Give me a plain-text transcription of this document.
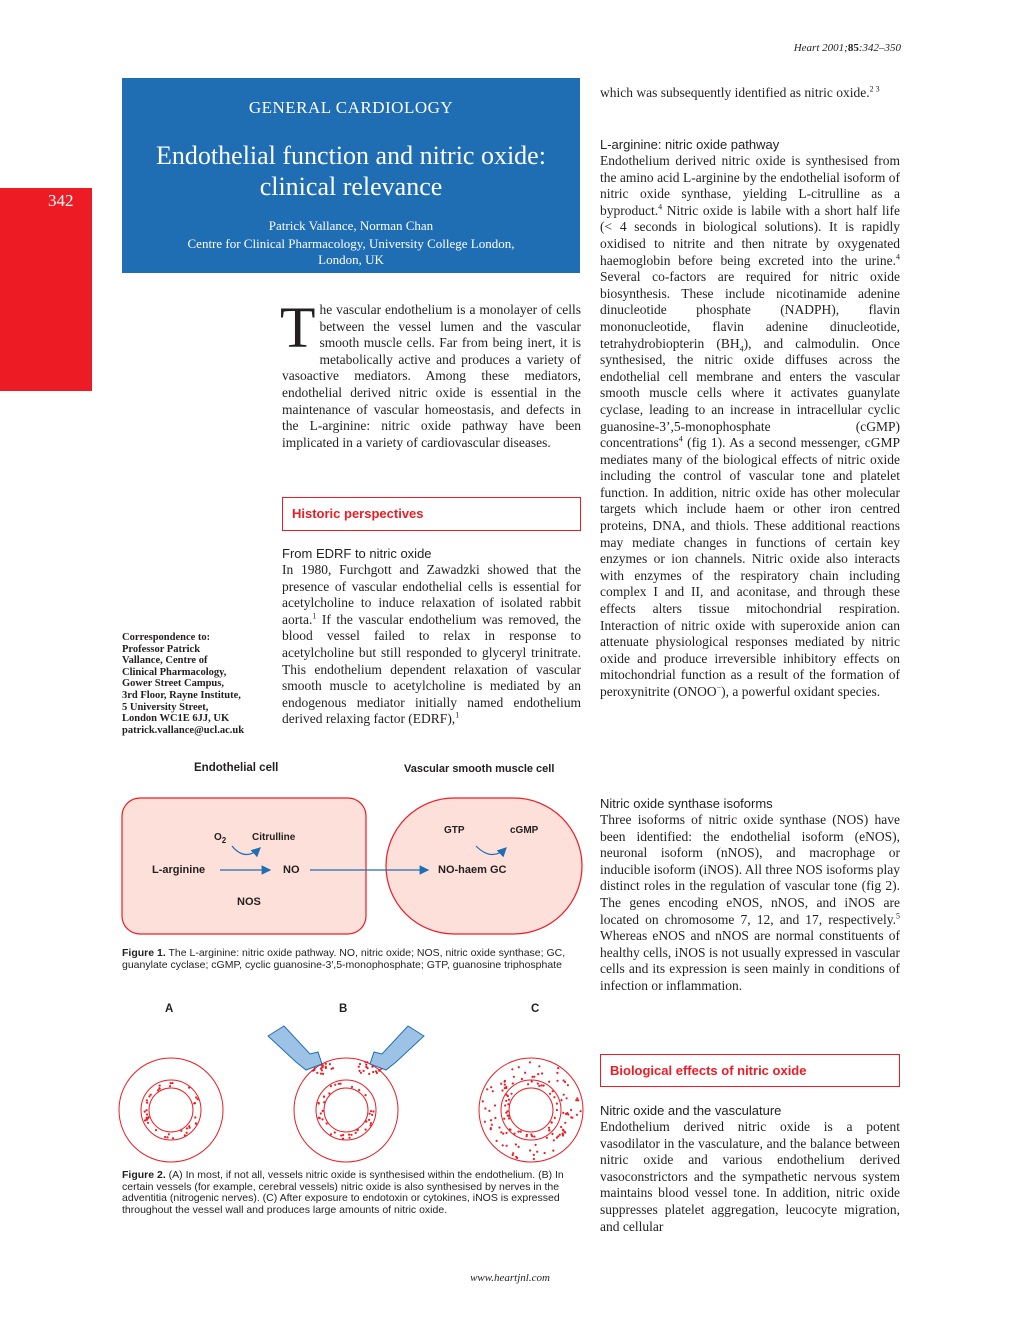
Heart 2001;85:342–350
342
GENERAL CARDIOLOGY
Endothelial function and nitric oxide:
clinical relevance
Patrick Vallance, Norman Chan
Centre for Clinical Pharmacology, University College London,
London, UK
The vascular endothelium is a monolayer of cells between the vessel lumen and the vascular smooth muscle cells. Far from being inert, it is metabolically active and produces a variety of vasoactive mediators. Among these mediators, endothelial derived nitric oxide is essential in the maintenance of vascular homeostasis, and defects in the L-arginine: nitric oxide pathway have been implicated in a variety of cardiovascular diseases.
Historic perspectives
From EDRF to nitric oxide
In 1980, Furchgott and Zawadzki showed that the presence of vascular endothelial cells is essential for acetylcholine to induce relaxation of isolated rabbit aorta.$^1$ If the vascular endothelium was removed, the blood vessel failed to relax in response to acetylcholine but still responded to glyceryl trinitrate. This endothelium dependent relaxation of vascular smooth muscle to acetylcholine is mediated by an endogenous mediator initially named endothelium derived relaxing factor (EDRF),$^1$
Correspondence to:
Professor Patrick
Vallance, Centre of
Clinical Pharmacology,
Gower Street Campus,
3rd Floor, Rayne Institute,
5 University Street,
London WC1E 6JJ, UK
patrick.vallance@ucl.ac.uk
Endothelial cell	Vascular smooth muscle cell
$O_2$	Citrulline
L-arginine	NO
NOS
GTP	cGMP
NO-haem GC
Figure 1. The L-arginine: nitric oxide pathway. NO, nitric oxide; NOS, nitric oxide synthase; GC, guanylate cyclase; cGMP, cyclic guanosine-3′,5-monophosphate; GTP, guanosine triphosphate
A	B	C
Figure 2. (A) In most, if not all, vessels nitric oxide is synthesised within the endothelium. (B) In certain vessels (for example, cerebral vessels) nitric oxide is also synthesised by nerves in the adventitia (nitrogenic nerves). (C) After exposure to endotoxin or cytokines, iNOS is expressed throughout the vessel wall and produces large amounts of nitric oxide.
which was subsequently identified as nitric oxide.$^{2 3}$
L-arginine: nitric oxide pathway
Endothelium derived nitric oxide is synthesised from the amino acid L-arginine by the endothelial isoform of nitric oxide synthase, yielding L-citrulline as a byproduct.$^4$ Nitric oxide is labile with a short half life (< 4 seconds in biological solutions). It is rapidly oxidised to nitrite and then nitrate by oxygenated haemoglobin before being excreted into the urine.$^4$ Several co-factors are required for nitric oxide biosynthesis. These include nicotinamide adenine dinucleotide phosphate (NADPH), flavin mononucleotide, flavin adenine dinucleotide, tetrahydrobiopterin $(BH_4)$, and calmodulin. Once synthesised, the nitric oxide diffuses across the endothelial cell membrane and enters the vascular smooth muscle cells where it activates guanylate cyclase, leading to an increase in intracellular cyclic guanosine-3’,5-monophosphate (cGMP) concentrations$^4$ (fig 1). As a second messenger, cGMP mediates many of the biological effects of nitric oxide including the control of vascular tone and platelet function. In addition, nitric oxide has other molecular targets which include haem or other iron centred proteins, DNA, and thiols. These additional reactions may mediate changes in functions of certain key enzymes or ion channels. Nitric oxide also interacts with enzymes of the respiratory chain including complex I and II, and aconitase, and through these effects alters tissue mitochondrial respiration. Interaction of nitric oxide with superoxide anion can attenuate physiological responses mediated by nitric oxide and produce irreversible inhibitory effects on mitochondrial function as a result of the formation of peroxynitrite (ONOO−), a powerful oxidant species.
Nitric oxide synthase isoforms
Three isoforms of nitric oxide synthase (NOS) have been identified: the endothelial isoform (eNOS), neuronal isoform (nNOS), and macrophage or inducible isoform (iNOS). All three NOS isoforms play distinct roles in the regulation of vascular tone (fig 2). The genes encoding eNOS, nNOS, and iNOS are located on chromosome 7, 12, and 17, respectively.$^5$ Whereas eNOS and nNOS are normal constituents of healthy cells, iNOS is not usually expressed in vascular cells and its expression is seen mainly in conditions of infection or inflammation.
Biological effects of nitric oxide
Nitric oxide and the vasculature
Endothelium derived nitric oxide is a potent vasodilator in the vasculature, and the balance between nitric oxide and various endothelium derived vasoconstrictors and the sympathetic nervous system maintains blood vessel tone. In addition, nitric oxide suppresses platelet aggregation, leucocyte migration, and cellular
www.heartjnl.com
